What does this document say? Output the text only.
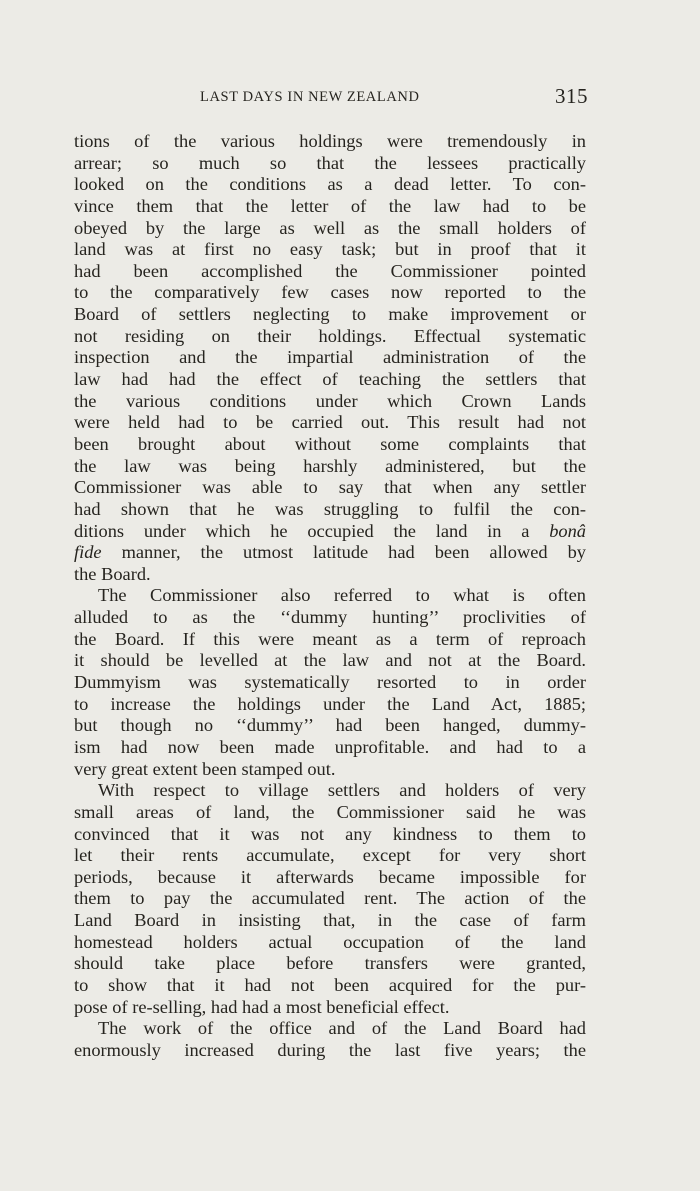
LAST DAYS IN NEW ZEALAND	315
tions of the various holdings were tremendously in
arrear; so much so that the lessees practically
looked on the conditions as a dead letter. To con-
vince them that the letter of the law had to be
obeyed by the large as well as the small holders of
land was at first no easy task; but in proof that it
had been accomplished the Commissioner pointed
to the comparatively few cases now reported to the
Board of settlers neglecting to make improvement or
not residing on their holdings. Effectual systematic
inspection and the impartial administration of the
law had had the effect of teaching the settlers that
the various conditions under which Crown Lands
were held had to be carried out. This result had not
been brought about without some complaints that
the law was being harshly administered, but the
Commissioner was able to say that when any settler
had shown that he was struggling to fulfil the con-
ditions under which he occupied the land in a bonâ
fide manner, the utmost latitude had been allowed by
the Board.
The Commissioner also referred to what is often
alluded to as the ‘‘dummy hunting’’ proclivities of
the Board. If this were meant as a term of reproach
it should be levelled at the law and not at the Board.
Dummyism was systematically resorted to in order
to increase the holdings under the Land Act, 1885;
but though no ‘‘dummy’’ had been hanged, dummy-
ism had now been made unprofitable. and had to a
very great extent been stamped out.
With respect to village settlers and holders of very
small areas of land, the Commissioner said he was
convinced that it was not any kindness to them to
let their rents accumulate, except for very short
periods, because it afterwards became impossible for
them to pay the accumulated rent. The action of the
Land Board in insisting that, in the case of farm
homestead holders actual occupation of the land
should take place before transfers were granted,
to show that it had not been acquired for the pur-
pose of re-selling, had had a most beneficial effect.
The work of the office and of the Land Board had
enormously increased during the last five years; the
